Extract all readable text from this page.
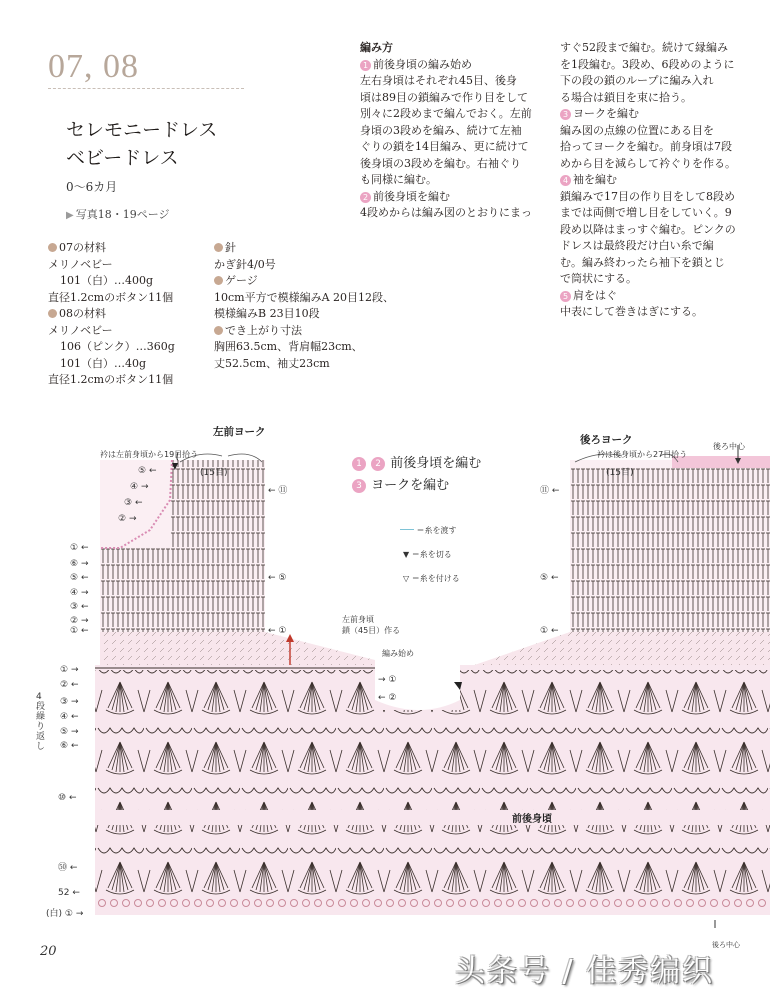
07, 08
セレモニードレス
ベビードレス
0〜6カ月
▶ 写真18・19ページ
07の材料
メリノベビー
101（白）…400g
直径1.2cmのボタン11個
08の材料
メリノベビー
106（ピンク）…360g
101（白）…40g
直径1.2cmのボタン11個
針
かぎ針4/0号
ゲージ
10cm平方で模様編みA 20目12段、
模様編みB 23目10段
でき上がり寸法
胸囲63.5cm、背肩幅23cm、
丈52.5cm、袖丈23cm
編み方
1 前後身頃の編み始め
左右身頃はそれぞれ45目、後身
頃は89目の鎖編みで作り目をして
別々に2段めまで編んでおく。左前
身頃の3段めを編み、続けて左袖
ぐりの鎖を14目編み、更に続けて
後身頃の3段めを編む。右袖ぐり
も同様に編む。
2 前後身頃を編む
4段めからは編み図のとおりにまっ
すぐ52段まで編む。続けて縁編み
を1段編む。3段め、6段めのように
下の段の鎖のループに編み入れ
る場合は鎖目を束に拾う。
3 ヨークを編む
編み図の点線の位置にある目を
拾ってヨークを編む。前身頃は7段
めから目を減らして衿ぐりを作る。
4 袖を編む
鎖編みで17目の作り目をして8段め
までは両側で増し目をしていく。9
段め以降はまっすぐ編む。ピンクの
ドレスは最終段だけ白い糸で編
む。編み終わったら袖下を鎖とじ
で筒状にする。
5 肩をはぐ
中表にして巻きはぎにする。
左前ヨーク
衿は左前身頃から19目拾う
(15目)
後ろヨーク
衿は後身頃から27目拾う
後ろ中心
(15目)
1 2 前後身頃を編む
3 ヨークを編む
＝糸を渡す
▼ ＝糸を切る
▽ ＝糸を付ける
左前身頃
鎖（45目）作る
編み始め
→ ①
← ②
⑤ ←
④ →
③ ←
② →
① ←
⑥ →
⑤ ←
④ →
③ ←
② →
① ←
← ⑪
← ⑤
← ①
⑪ ←
⑤ ←
① ←
① →
② ←
③ →
④ ←
⑤ →
⑥ ←
4段繰り返し
⑩ ←
㊿ ←
52 ←
(白) ① →
前後身頃
後ろ中心
20
头条号 / 佳秀编织
